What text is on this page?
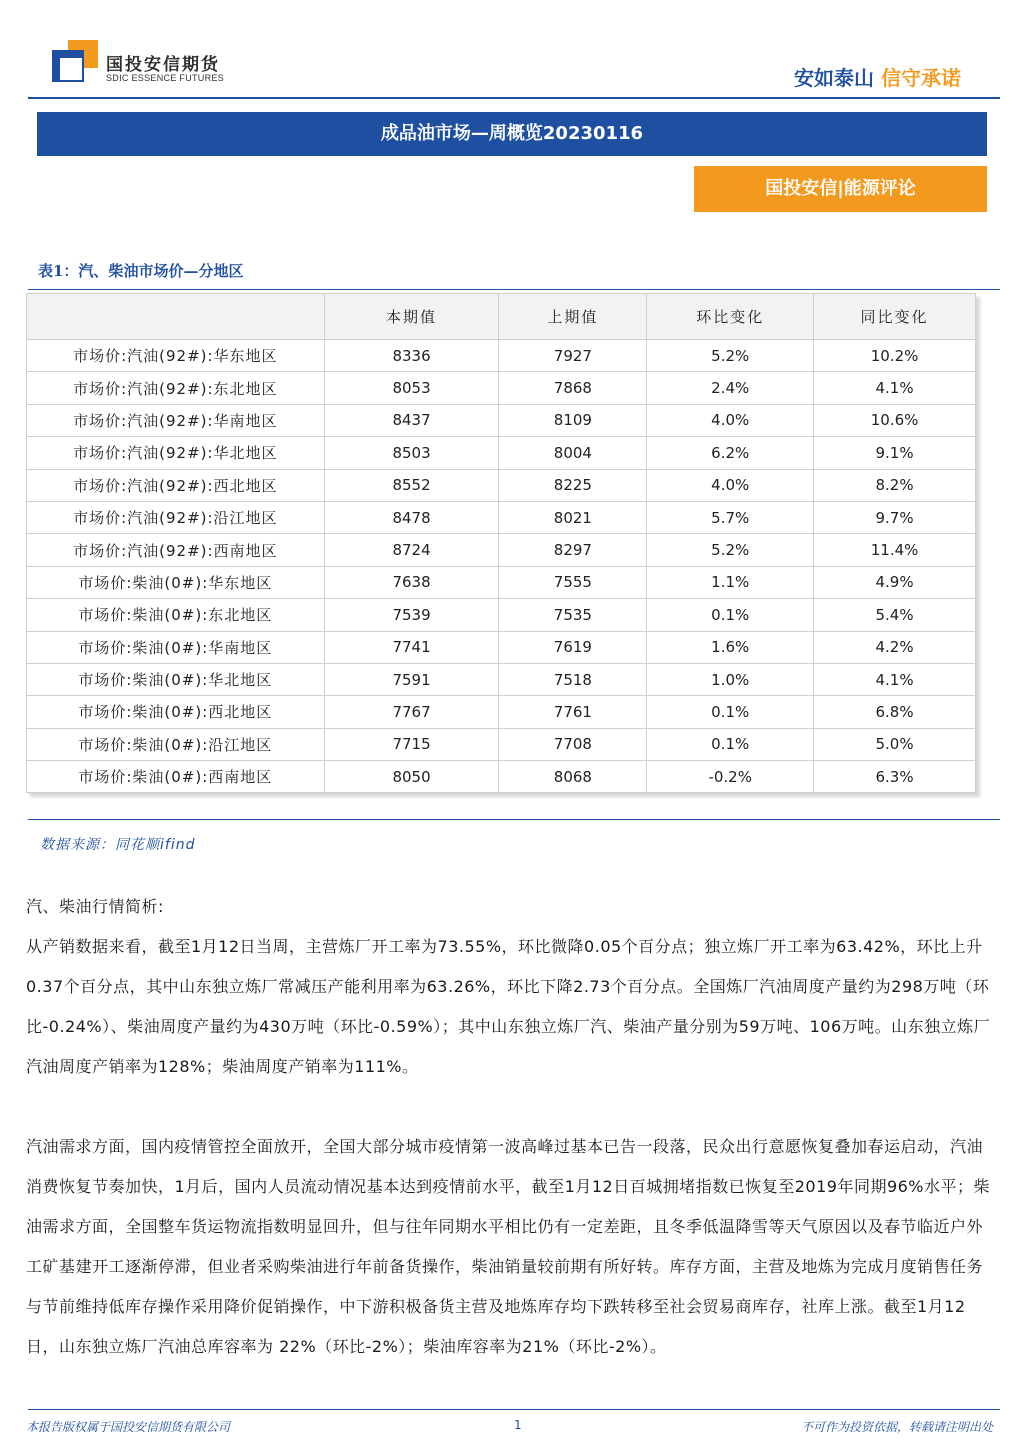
国投安信期货
SDIC ESSENCE FUTURES	安如泰山 信守承诺
成品油市场—周概览20230116
国投安信|能源评论
表1：汽、柴油市场价—分地区
	本期值	上期值	环比变化	同比变化
市场价:汽油(92#):华东地区	8336	7927	5.2%	10.2%
市场价:汽油(92#):东北地区	8053	7868	2.4%	4.1%
市场价:汽油(92#):华南地区	8437	8109	4.0%	10.6%
市场价:汽油(92#):华北地区	8503	8004	6.2%	9.1%
市场价:汽油(92#):西北地区	8552	8225	4.0%	8.2%
市场价:汽油(92#):沿江地区	8478	8021	5.7%	9.7%
市场价:汽油(92#):西南地区	8724	8297	5.2%	11.4%
市场价:柴油(0#):华东地区	7638	7555	1.1%	4.9%
市场价:柴油(0#):东北地区	7539	7535	0.1%	5.4%
市场价:柴油(0#):华南地区	7741	7619	1.6%	4.2%
市场价:柴油(0#):华北地区	7591	7518	1.0%	4.1%
市场价:柴油(0#):西北地区	7767	7761	0.1%	6.8%
市场价:柴油(0#):沿江地区	7715	7708	0.1%	5.0%
市场价:柴油(0#):西南地区	8050	8068	-0.2%	6.3%
数据来源：同花顺ifind
汽、柴油行情简析:
从产销数据来看，截至1月12日当周，主营炼厂开工率为73.55%，环比微降0.05个百分点；独立炼厂开工率为63.42%，环比上升0.37个百分点，其中山东独立炼厂常减压产能利用率为63.26%，环比下降2.73个百分点。全国炼厂汽油周度产量约为298万吨（环比-0.24%）、柴油周度产量约为430万吨（环比-0.59%）；其中山东独立炼厂汽、柴油产量分别为59万吨、106万吨。山东独立炼厂汽油周度产销率为128%；柴油周度产销率为111%。
汽油需求方面，国内疫情管控全面放开，全国大部分城市疫情第一波高峰过基本已告一段落，民众出行意愿恢复叠加春运启动，汽油消费恢复节奏加快，1月后，国内人员流动情况基本达到疫情前水平，截至1月12日百城拥堵指数已恢复至2019年同期96%水平；柴油需求方面，全国整车货运物流指数明显回升，但与往年同期水平相比仍有一定差距，且冬季低温降雪等天气原因以及春节临近户外工矿基建开工逐渐停滞，但业者采购柴油进行年前备货操作，柴油销量较前期有所好转。库存方面，主营及地炼为完成月度销售任务与节前维持低库存操作采用降价促销操作，中下游积极备货主营及地炼库存均下跌转移至社会贸易商库存，社库上涨。截至1月12日，山东独立炼厂汽油总库容率为 22%（环比-2%）；柴油库容率为21%（环比-2%）。
本报告版权属于国投安信期货有限公司	1	不可作为投资依据，转载请注明出处
